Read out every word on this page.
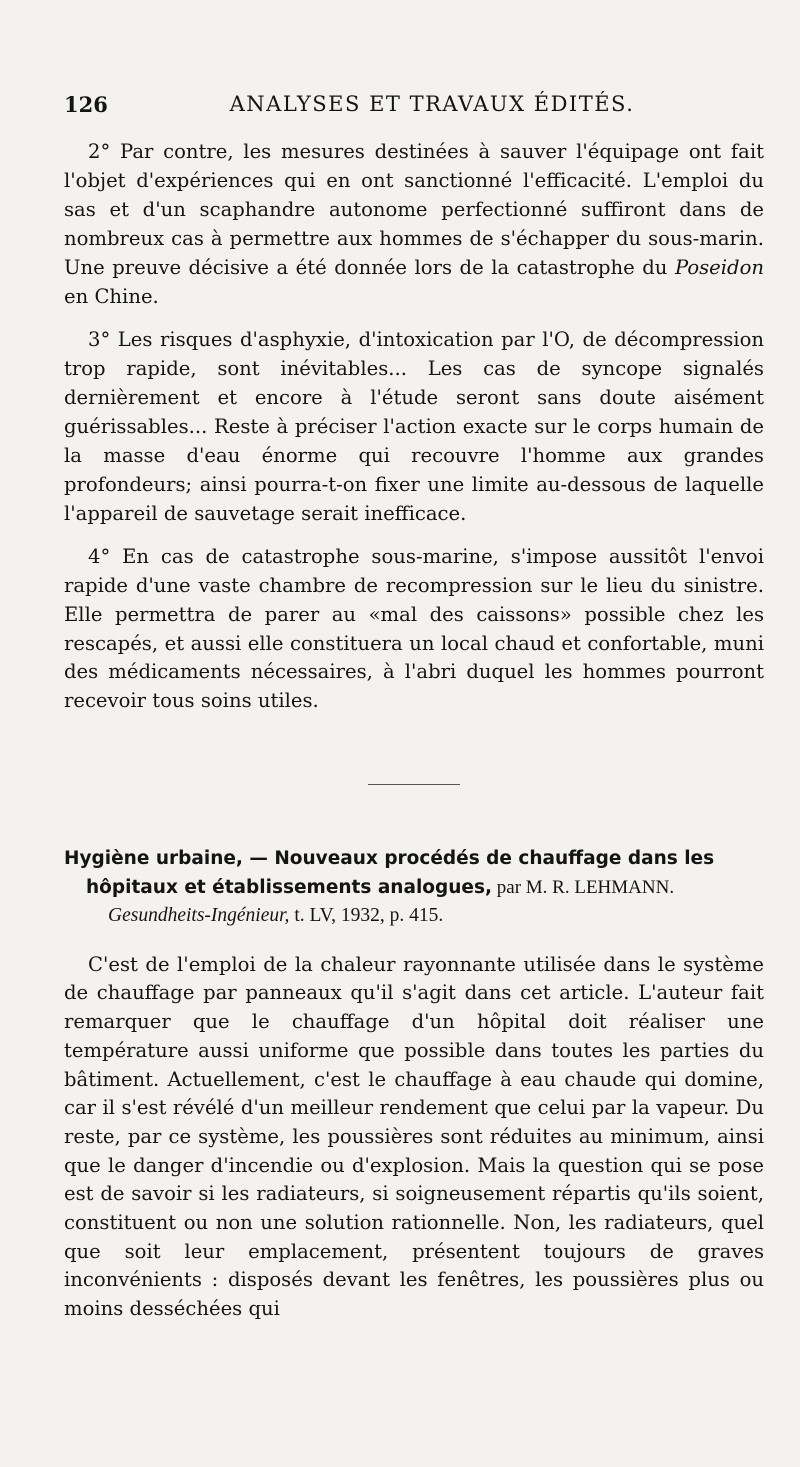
126	ANALYSES ET TRAVAUX ÉDITÉS.

2° Par contre, les mesures destinées à sauver l'équipage ont fait l'objet d'expériences qui en ont sanctionné l'efficacité. L'emploi du sas et d'un scaphandre autonome perfectionné suffiront dans de nombreux cas à permettre aux hommes de s'échapper du sous-marin. Une preuve décisive a été donnée lors de la catastrophe du Poseidon en Chine.

3° Les risques d'asphyxie, d'intoxication par l'O, de décompression trop rapide, sont inévitables... Les cas de syncope signalés dernièrement et encore à l'étude seront sans doute aisément guérissables... Reste à préciser l'action exacte sur le corps humain de la masse d'eau énorme qui recouvre l'homme aux grandes profondeurs; ainsi pourra-t-on fixer une limite au-dessous de laquelle l'appareil de sauvetage serait inefficace.

4° En cas de catastrophe sous-marine, s'impose aussitôt l'envoi rapide d'une vaste chambre de recompression sur le lieu du sinistre. Elle permettra de parer au «mal des caissons» possible chez les rescapés, et aussi elle constituera un local chaud et confortable, muni des médicaments nécessaires, à l'abri duquel les hommes pourront recevoir tous soins utiles.

Hygiène urbaine, — Nouveaux procédés de chauffage dans les hôpitaux et établissements analogues, par M. R. LEHMANN.
Gesundheits-Ingénieur, t. LV, 1932, p. 415.

C'est de l'emploi de la chaleur rayonnante utilisée dans le système de chauffage par panneaux qu'il s'agit dans cet article. L'auteur fait remarquer que le chauffage d'un hôpital doit réaliser une température aussi uniforme que possible dans toutes les parties du bâtiment. Actuellement, c'est le chauffage à eau chaude qui domine, car il s'est révélé d'un meilleur rendement que celui par la vapeur. Du reste, par ce système, les poussières sont réduites au minimum, ainsi que le danger d'incendie ou d'explosion. Mais la question qui se pose est de savoir si les radiateurs, si soigneusement répartis qu'ils soient, constituent ou non une solution rationnelle. Non, les radiateurs, quel que soit leur emplacement, présentent toujours de graves inconvénients : disposés devant les fenêtres, les poussières plus ou moins desséchées qui
